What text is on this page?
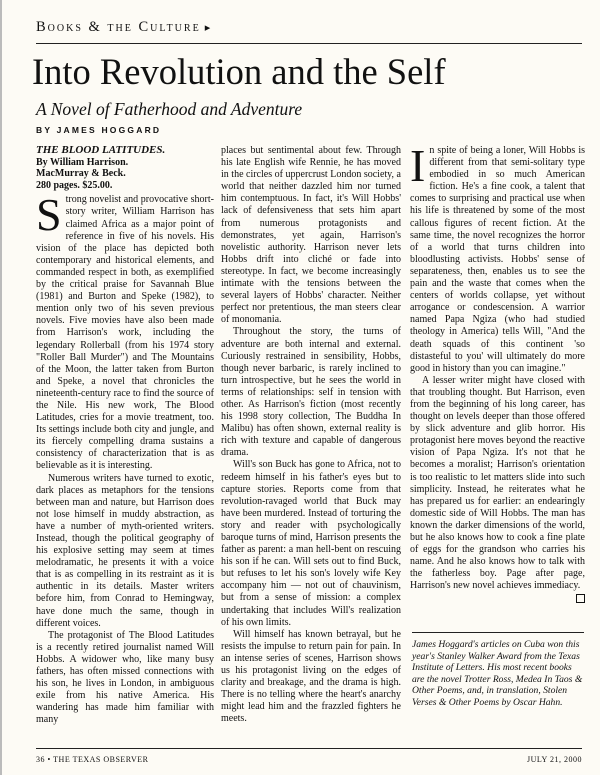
Books & the Culture ▸
Into Revolution and the Self
A Novel of Fatherhood and Adventure
BY JAMES HOGGARD
THE BLOOD LATITUDES.
By William Harrison.
MacMurray & Beck.
280 pages. $25.00.

Strong novelist and provocative short-story writer, William Harrison has claimed Africa as a major point of reference in five of his novels. His vision of the place has depicted both contemporary and historical elements, and commanded respect in both, as exemplified by the critical praise for Savannah Blue (1981) and Burton and Speke (1982), to mention only two of his seven previous novels. Five movies have also been made from Harrison's work, including the legendary Rollerball (from his 1974 story "Roller Ball Murder") and The Mountains of the Moon, the latter taken from Burton and Speke, a novel that chronicles the nineteenth-century race to find the source of the Nile. His new work, The Blood Latitudes, cries for a movie treatment, too. Its settings include both city and jungle, and its fiercely compelling drama sustains a consistency of characterization that is as believable as it is interesting.

Numerous writers have turned to exotic, dark places as metaphors for the tensions between man and nature, but Harrison does not lose himself in muddy abstraction, as have a number of myth-oriented writers. Instead, though the political geography of his explosive setting may seem at times melodramatic, he presents it with a voice that is as compelling in its restraint as it is authentic in its details. Master writers before him, from Conrad to Hemingway, have done much the same, though in different voices.

The protagonist of The Blood Latitudes is a recently retired journalist named Will Hobbs. A widower who, like many busy fathers, has often missed connections with his son, he lives in London, in ambiguous exile from his native America. His wandering has made him familiar with many

places but sentimental about few. Through his late English wife Rennie, he has moved in the circles of uppercrust London society, a world that neither dazzled him nor turned him contemptuous. In fact, it's Will Hobbs' lack of defensiveness that sets him apart from numerous protagonists and demonstrates, yet again, Harrison's novelistic authority. Harrison never lets Hobbs drift into cliché or fade into stereotype. In fact, we become increasingly intimate with the tensions between the several layers of Hobbs' character. Neither perfect nor pretentious, the man steers clear of monomania.

Throughout the story, the turns of adventure are both internal and external. Curiously restrained in sensibility, Hobbs, though never barbaric, is rarely inclined to turn introspective, but he sees the world in terms of relationships: self in tension with other. As Harrison's fiction (most recently his 1998 story collection, The Buddha In Malibu) has often shown, external reality is rich with texture and capable of dangerous drama.

Will's son Buck has gone to Africa, not to redeem himself in his father's eyes but to capture stories. Reports come from that revolution-ravaged world that Buck may have been murdered. Instead of torturing the story and reader with psychologically baroque turns of mind, Harrison presents the father as parent: a man hell-bent on rescuing his son if he can. Will sets out to find Buck, but refuses to let his son's lovely wife Key accompany him — not out of chauvinism, but from a sense of mission: a complex undertaking that includes Will's realization of his own limits.

Will himself has known betrayal, but he resists the impulse to return pain for pain. In an intense series of scenes, Harrison shows us his protagonist living on the edges of clarity and breakage, and the drama is high. There is no telling where the heart's anarchy might lead him and the frazzled fighters he meets.

In spite of being a loner, Will Hobbs is different from that semi-solitary type embodied in so much American fiction. He's a fine cook, a talent that comes to surprising and practical use when his life is threatened by some of the most callous figures of recent fiction. At the same time, the novel recognizes the horror of a world that turns children into bloodlusting activists. Hobbs' sense of separateness, then, enables us to see the pain and the waste that comes when the centers of worlds collapse, yet without arrogance or condescension. A warrior named Papa Ngiza (who had studied theology in America) tells Will, "And the death squads of this continent 'so distasteful to you' will ultimately do more good in history than you can imagine."

A lesser writer might have closed with that troubling thought. But Harrison, even from the beginning of his long career, has thought on levels deeper than those offered by slick adventure and glib horror. His protagonist here moves beyond the reactive vision of Papa Ngiza. It's not that he becomes a moralist; Harrison's orientation is too realistic to let matters slide into such simplicity. Instead, he reiterates what he has prepared us for earlier: an endearingly domestic side of Will Hobbs. The man has known the darker dimensions of the world, but he also knows how to cook a fine plate of eggs for the grandson who carries his name. And he also knows how to talk with the fatherless boy. Page after page, Harrison's new novel achieves immediacy.

James Hoggard's articles on Cuba won this year's Stanley Walker Award from the Texas Institute of Letters. His most recent books are the novel Trotter Ross, Medea In Taos & Other Poems, and, in translation, Stolen Verses & Other Poems by Oscar Hahn.
36 • THE TEXAS OBSERVER	JULY 21, 2000
